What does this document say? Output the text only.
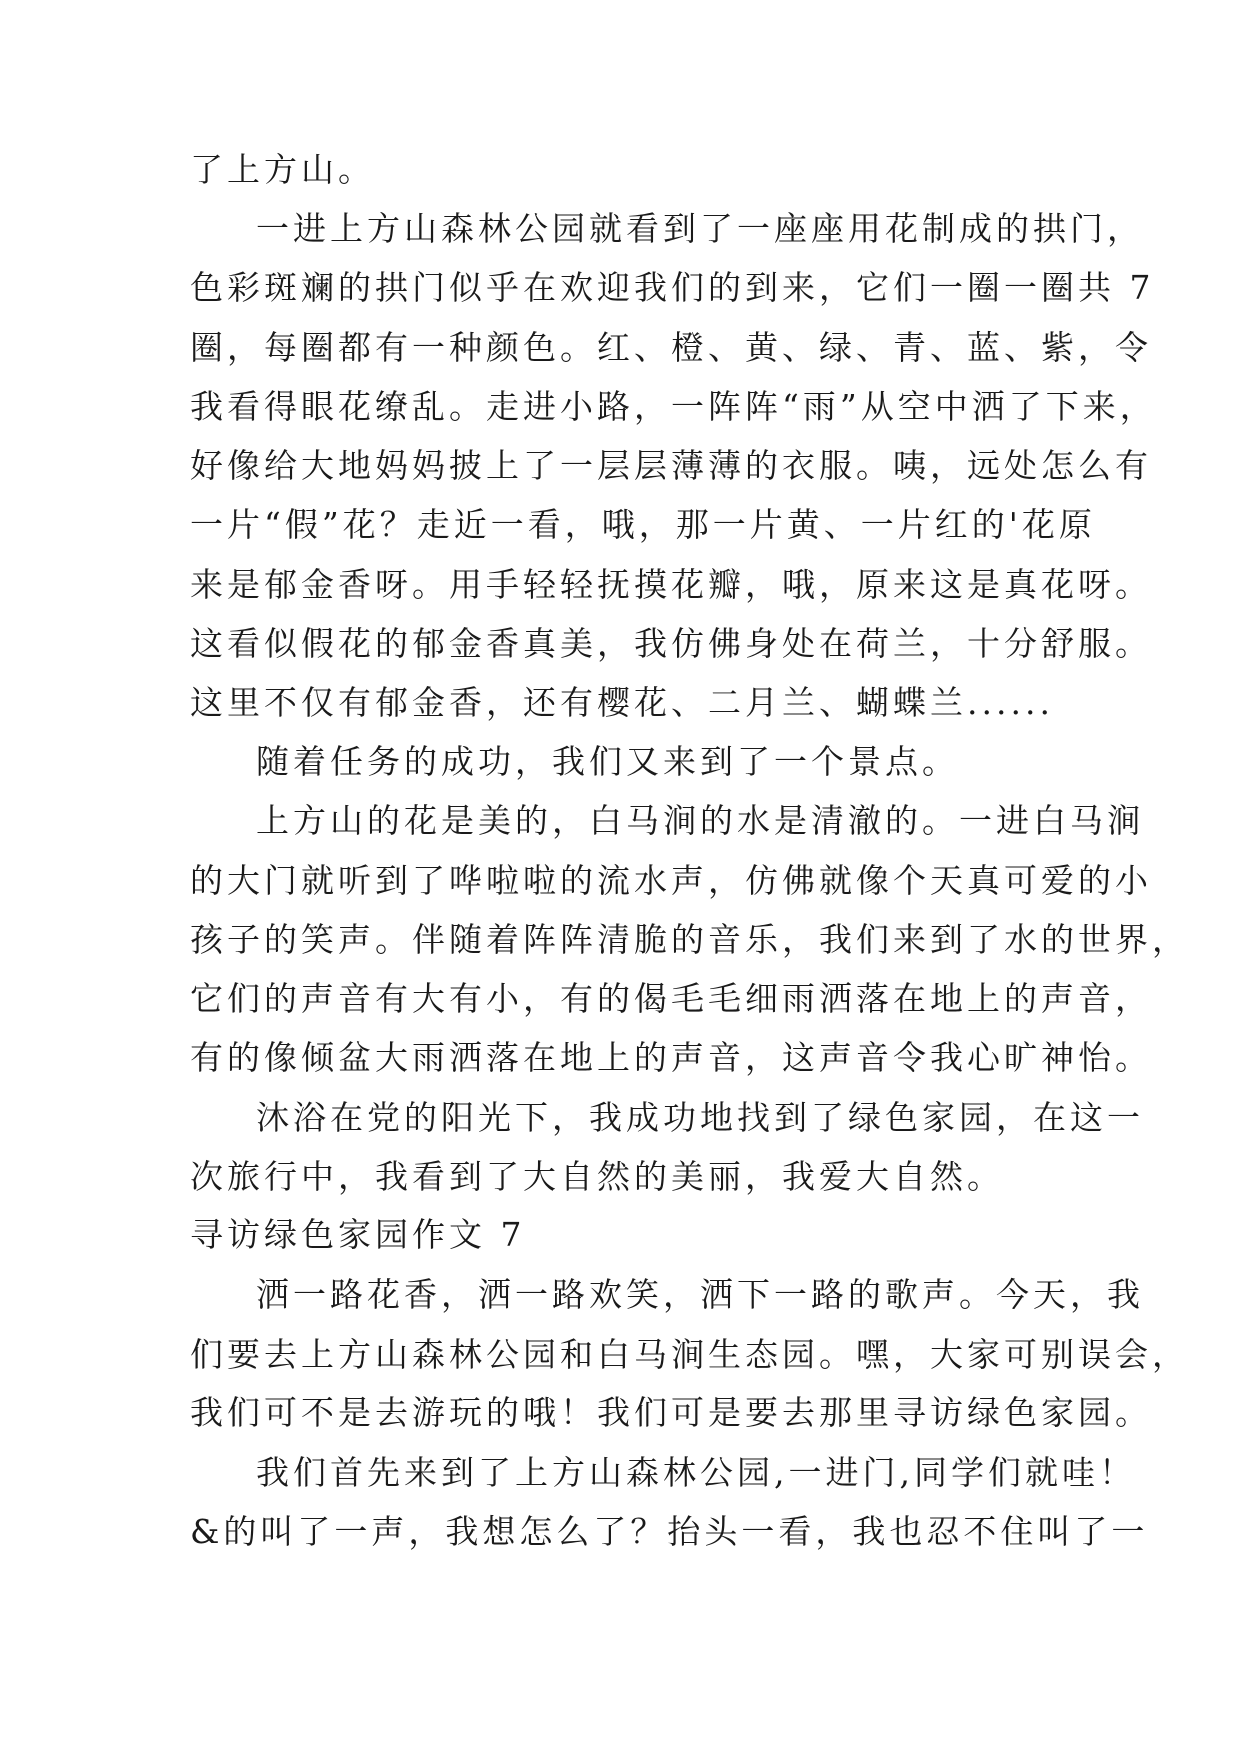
了上方山。
一进上方山森林公园就看到了一座座用花制成的拱门，
色彩斑斓的拱门似乎在欢迎我们的到来，它们一圈一圈共 7
圈，每圈都有一种颜色。红、橙、黄、绿、青、蓝、紫，令
我看得眼花缭乱。走进小路，一阵阵“雨”从空中洒了下来，
好像给大地妈妈披上了一层层薄薄的衣服。咦，远处怎么有
一片“假”花？走近一看，哦，那一片黄、一片红的'花原
来是郁金香呀。用手轻轻抚摸花瓣，哦，原来这是真花呀。
这看似假花的郁金香真美，我仿佛身处在荷兰，十分舒服。
这里不仅有郁金香，还有樱花、二月兰、蝴蝶兰......
随着任务的成功，我们又来到了一个景点。
上方山的花是美的，白马涧的水是清澈的。一进白马涧
的大门就听到了哗啦啦的流水声，仿佛就像个天真可爱的小
孩子的笑声。伴随着阵阵清脆的音乐，我们来到了水的世界，
它们的声音有大有小，有的偈毛毛细雨洒落在地上的声音，
有的像倾盆大雨洒落在地上的声音，这声音令我心旷神怡。
沐浴在党的阳光下，我成功地找到了绿色家园，在这一
次旅行中，我看到了大自然的美丽，我爱大自然。
寻访绿色家园作文 7
洒一路花香，洒一路欢笑，洒下一路的歌声。今天，我
们要去上方山森林公园和白马涧生态园。嘿，大家可别误会，
我们可不是去游玩的哦！我们可是要去那里寻访绿色家园。
我们首先来到了上方山森林公园,一进门,同学们就哇！
&的叫了一声，我想怎么了？抬头一看，我也忍不住叫了一
